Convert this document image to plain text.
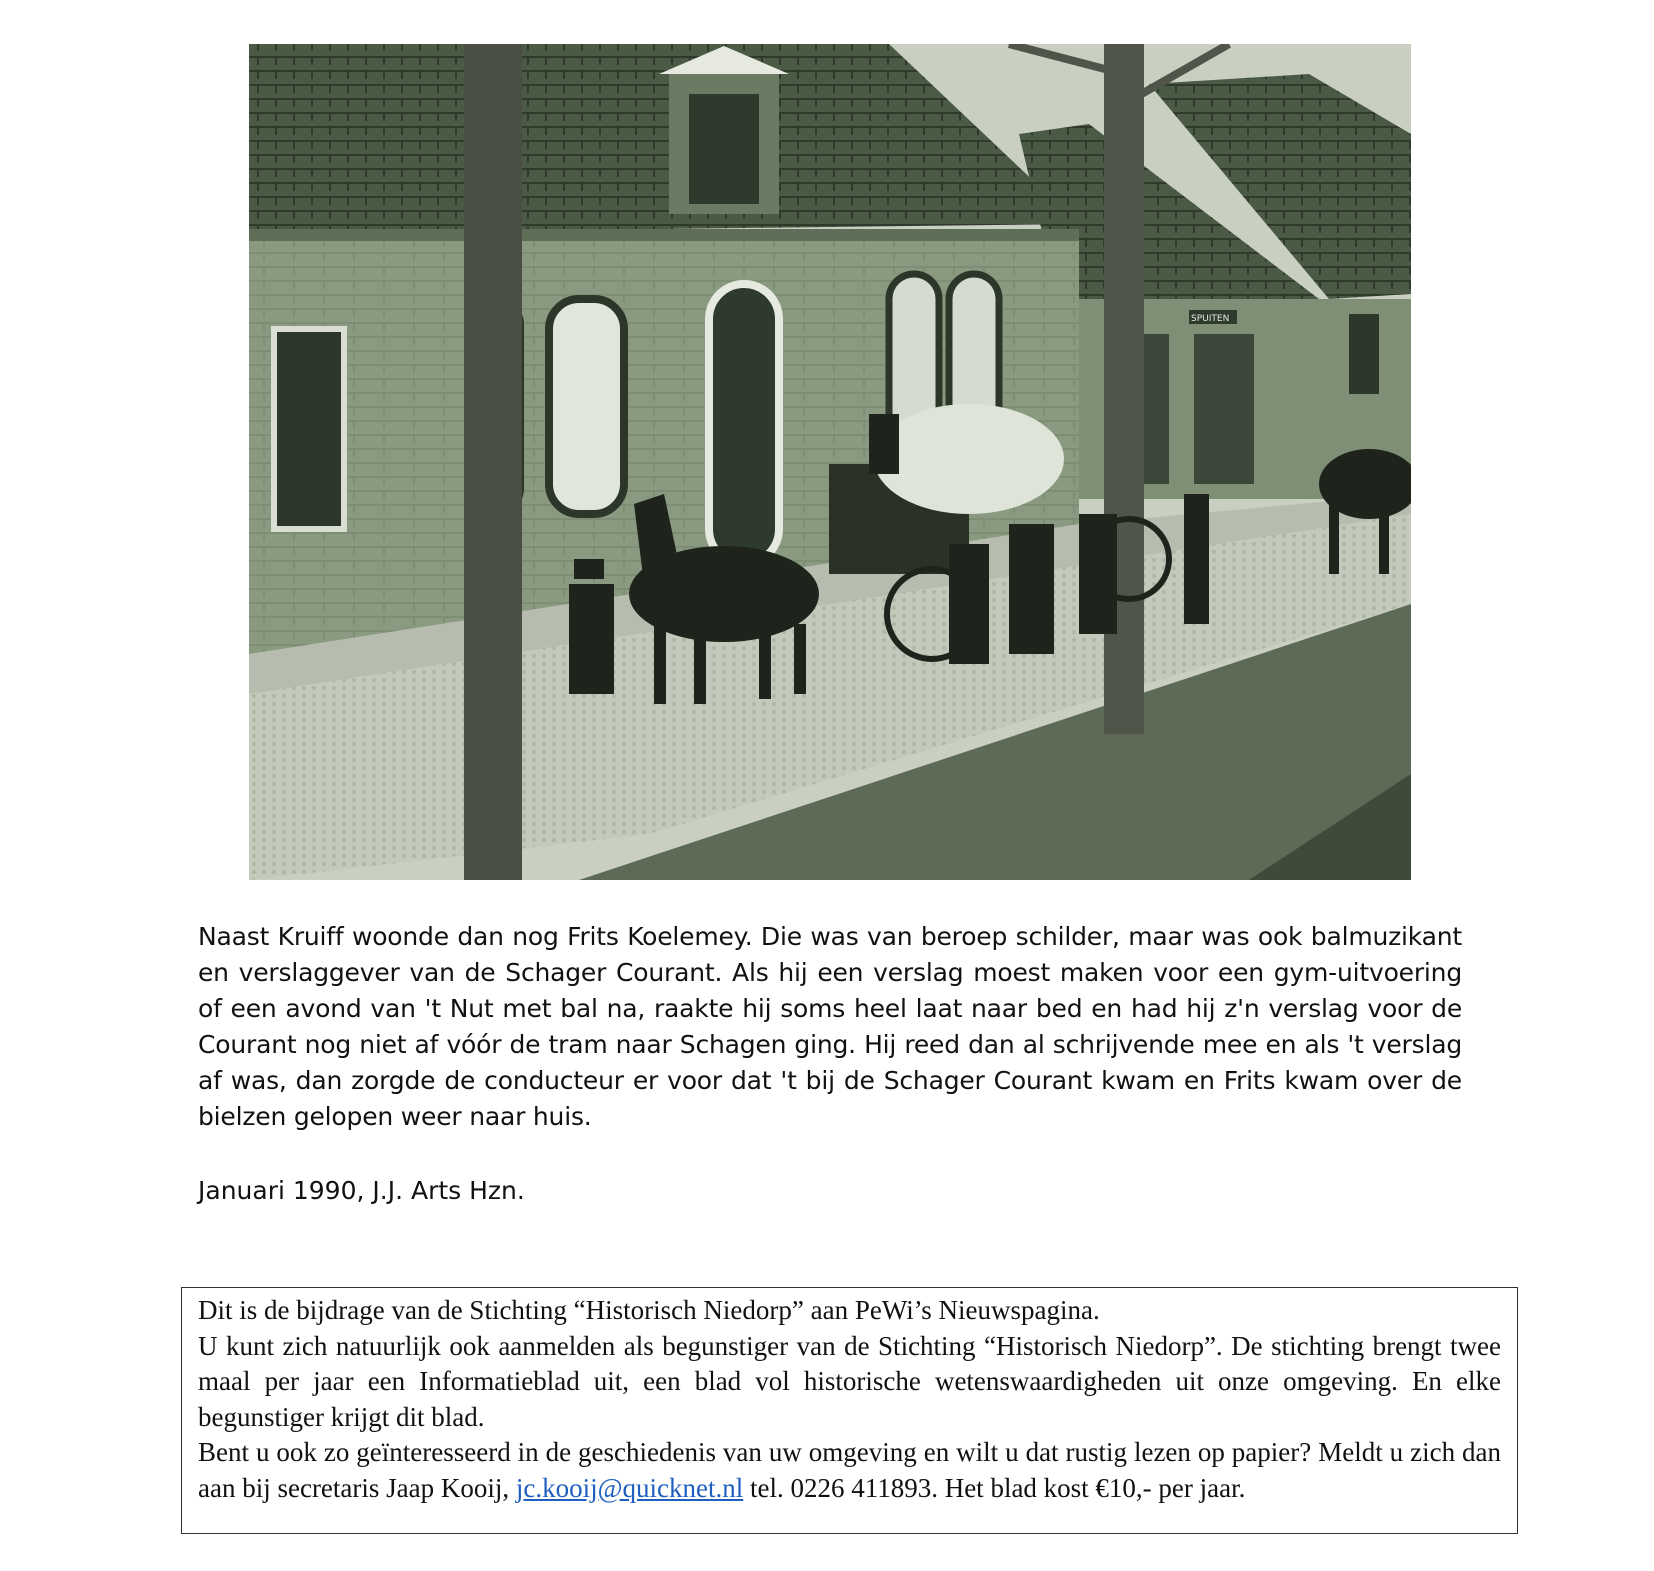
SPUITEN

Naast Kruiff woonde dan nog Frits Koelemey. Die was van beroep schilder, maar was ook balmuzikant en verslaggever van de Schager Courant. Als hij een verslag moest maken voor een gym-uitvoering of een avond van 't Nut met bal na, raakte hij soms heel laat naar bed en had hij z'n verslag voor de Courant nog niet af vóór de tram naar Schagen ging. Hij reed dan al schrijvende mee en als 't verslag af was, dan zorgde de conducteur er voor dat 't bij de Schager Courant kwam en Frits kwam over de bielzen gelopen weer naar huis.

Januari 1990, J.J. Arts Hzn.

Dit is de bijdrage van de Stichting “Historisch Niedorp” aan PeWi’s Nieuwspagina.

U kunt zich natuurlijk ook aanmelden als begunstiger van de Stichting “Historisch Niedorp”. De stichting brengt twee maal per jaar een Informatieblad uit, een blad vol historische wetenswaardigheden uit onze omgeving. En elke begunstiger krijgt dit blad.

Bent u ook zo geïnteresseerd in de geschiedenis van uw omgeving en wilt u dat rustig lezen op papier? Meldt u zich dan aan bij secretaris Jaap Kooij, jc.kooij@quicknet.nl tel. 0226 411893. Het blad kost €10,- per jaar.
